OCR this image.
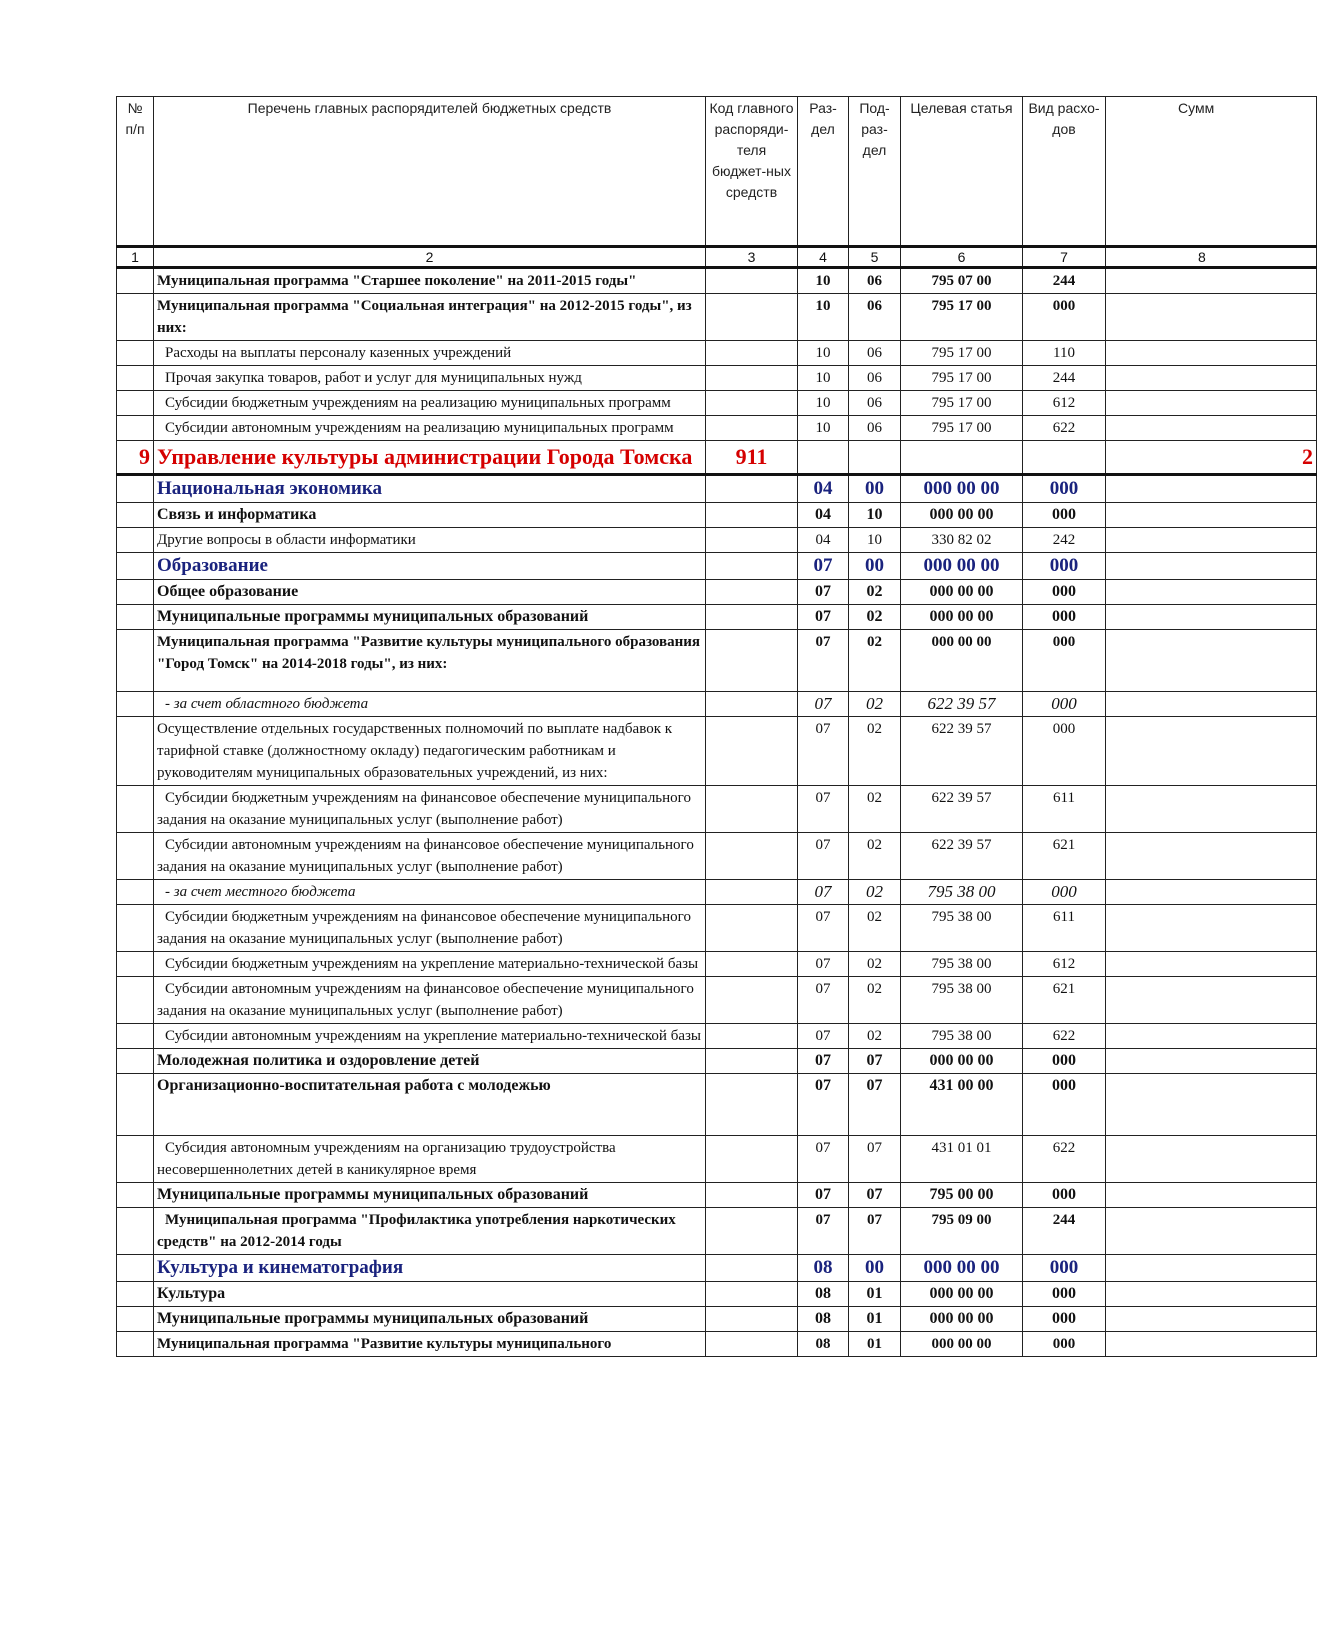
№ п/п	Перечень главных распорядителей бюджетных средств	Код главного распоряди-теля бюджет-ных средств	Раз-дел	Под-раз-дел	Целевая статья	Вид расхо-дов	Сумм
1	2	3	4	5	6	7	8
	Муниципальная программа "Старшее поколение" на 2011-2015 годы"		10	06	795 07 00	244	
	Муниципальная программа "Социальная интеграция" на 2012-2015 годы", из них:		10	06	795 17 00	000	
	Расходы на выплаты персоналу казенных учреждений		10	06	795 17 00	110	
	Прочая закупка товаров, работ и услуг для муниципальных нужд		10	06	795 17 00	244	
	Субсидии бюджетным учреждениям на реализацию муниципальных программ		10	06	795 17 00	612	
	Субсидии автономным учреждениям на реализацию муниципальных программ		10	06	795 17 00	622	
9	Управление культуры администрации Города Томска	911					2
	Национальная экономика		04	00	000 00 00	000	
	Связь и информатика		04	10	000 00 00	000	
	Другие вопросы в области информатики		04	10	330 82 02	242	
	Образование		07	00	000 00 00	000	
	Общее образование		07	02	000 00 00	000	
	Муниципальные программы муниципальных образований		07	02	000 00 00	000	
	Муниципальная программа "Развитие культуры муниципального образования "Город Томск" на 2014-2018 годы", из них:		07	02	000 00 00	000	
	- за счет областного бюджета		07	02	622 39 57	000	
	Осуществление отдельных государственных полномочий по выплате надбавок к тарифной ставке (должностному окладу) педагогическим работникам и руководителям муниципальных образовательных учреждений, из них:		07	02	622 39 57	000	
	Субсидии бюджетным учреждениям на финансовое обеспечение муниципального задания на оказание муниципальных услуг (выполнение работ)		07	02	622 39 57	611	
	Субсидии автономным учреждениям на финансовое обеспечение муниципального задания на оказание муниципальных услуг (выполнение работ)		07	02	622 39 57	621	
	- за счет местного бюджета		07	02	795 38 00	000	
	Субсидии бюджетным учреждениям на финансовое обеспечение муниципального задания на оказание муниципальных услуг (выполнение работ)		07	02	795 38 00	611	
	Субсидии бюджетным учреждениям на укрепление материально-технической базы		07	02	795 38 00	612	
	Субсидии автономным учреждениям на финансовое обеспечение муниципального задания на оказание муниципальных услуг (выполнение работ)		07	02	795 38 00	621	
	Субсидии автономным учреждениям на укрепление материально-технической базы		07	02	795 38 00	622	
	Молодежная политика и оздоровление детей		07	07	000 00 00	000	
	Организационно-воспитательная работа с молодежью		07	07	431 00 00	000	
	Субсидия автономным учреждениям на организацию трудоустройства несовершеннолетних детей в каникулярное время		07	07	431 01 01	622	
	Муниципальные программы муниципальных образований		07	07	795 00 00	000	
	Муниципальная программа "Профилактика употребления наркотических средств" на 2012-2014 годы		07	07	795 09 00	244	
	Культура и кинематография		08	00	000 00 00	000	
	Культура		08	01	000 00 00	000	
	Муниципальные программы муниципальных образований		08	01	000 00 00	000	
	Муниципальная программа "Развитие культуры муниципального		08	01	000 00 00	000	
